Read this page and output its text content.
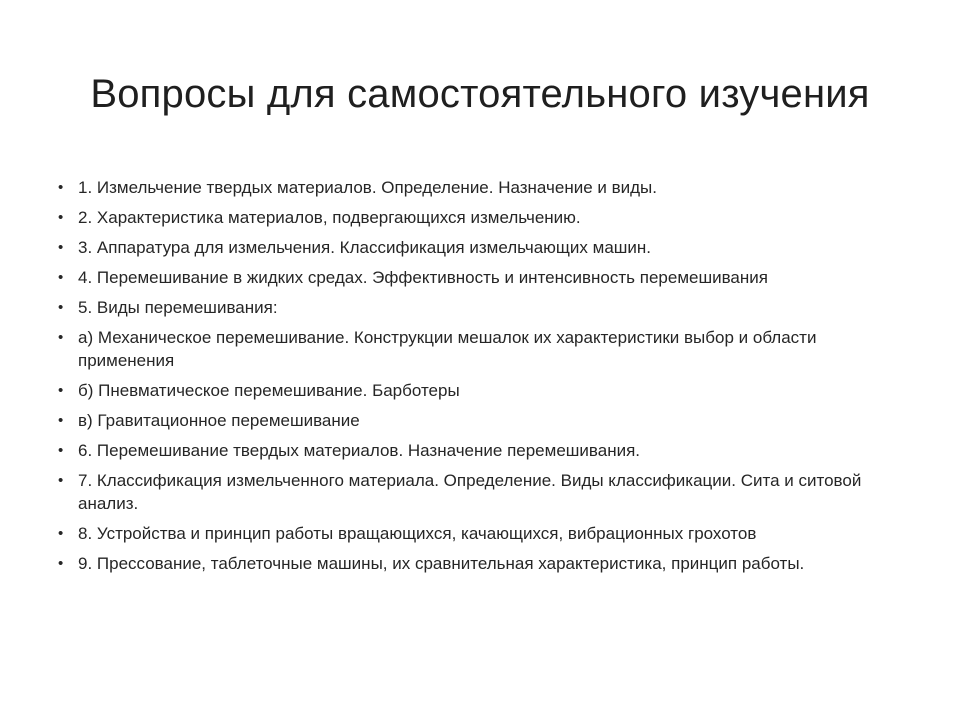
Вопросы для самостоятельного изучения
• 1. Измельчение твердых материалов. Определение. Назначение и виды.
• 2. Характеристика материалов, подвергающихся измельчению.
• 3. Аппаратура для измельчения. Классификация измельчающих машин.
• 4. Перемешивание в жидких средах. Эффективность и интенсивность перемешивания
• 5. Виды перемешивания:
• а) Механическое перемешивание. Конструкции мешалок их характеристики выбор и области применения
• б) Пневматическое перемешивание. Барботеры
• в) Гравитационное перемешивание
• 6. Перемешивание твердых материалов. Назначение перемешивания.
• 7. Классификация измельченного материала. Определение. Виды классификации. Сита и ситовой анализ.
• 8. Устройства и принцип работы вращающихся, качающихся, вибрационных грохотов
• 9. Прессование, таблеточные машины, их сравнительная характеристика, принцип работы.
